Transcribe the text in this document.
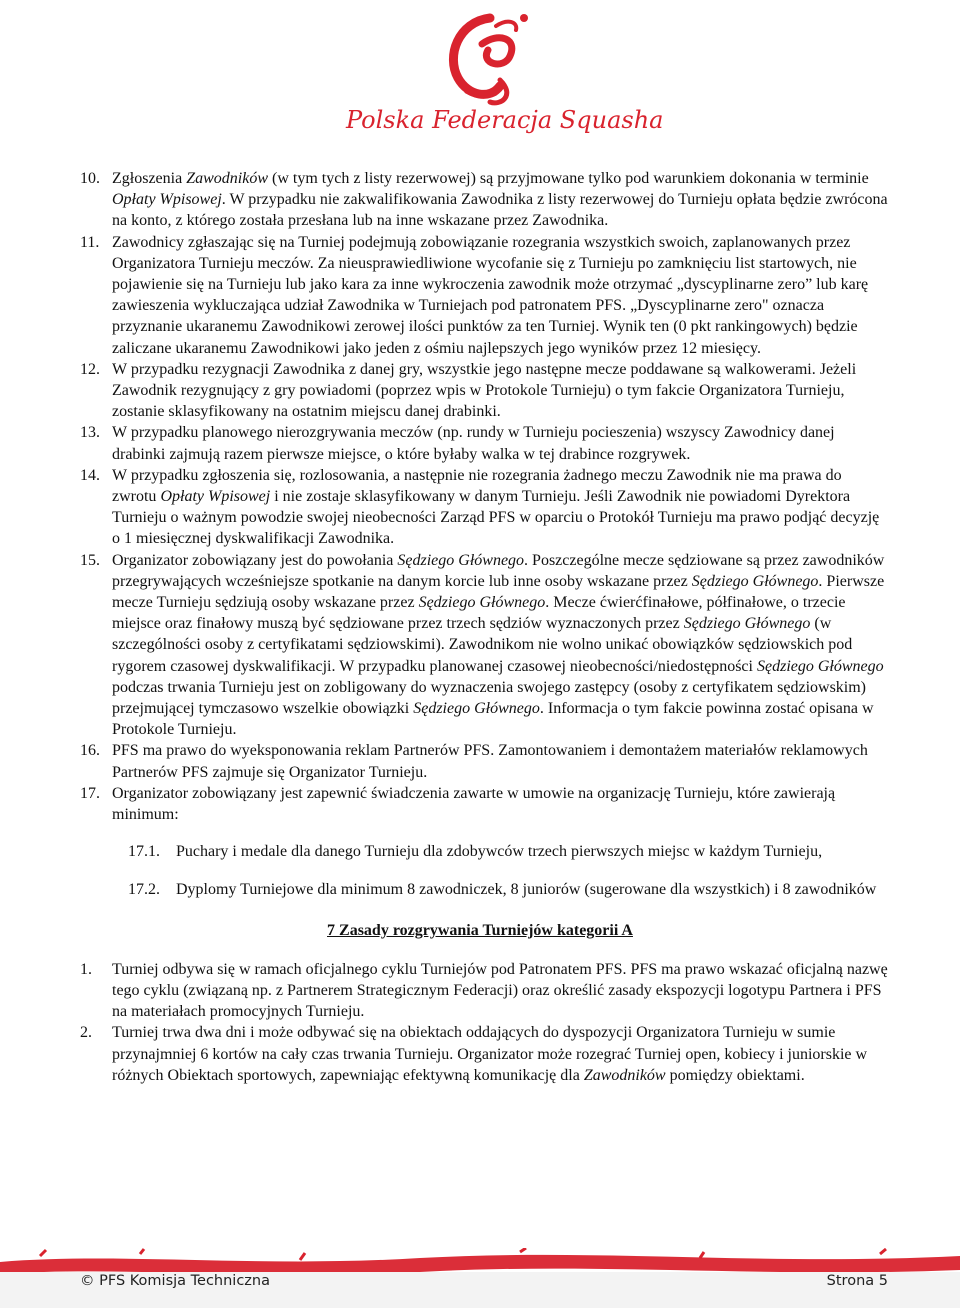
Polska Federacja Squasha
10. Zgłoszenia Zawodników (w tym tych z listy rezerwowej) są przyjmowane tylko pod warunkiem dokonania w terminie Opłaty Wpisowej. W przypadku nie zakwalifikowania Zawodnika z listy rezerwowej do Turnieju opłata będzie zwrócona na konto, z którego została przesłana lub na inne wskazane przez Zawodnika.

11. Zawodnicy zgłaszając się na Turniej podejmują zobowiązanie rozegrania wszystkich swoich, zaplanowanych przez Organizatora Turnieju meczów. Za nieusprawiedliwione wycofanie się z Turnieju po zamknięciu list startowych, nie pojawienie się na Turnieju lub jako kara za inne wykroczenia zawodnik może otrzymać „dyscyplinarne zero” lub karę zawieszenia wykluczająca udział Zawodnika w Turniejach pod patronatem PFS. „Dyscyplinarne zero" oznacza przyznanie ukaranemu Zawodnikowi zerowej ilości punktów za ten Turniej. Wynik ten (0 pkt rankingowych) będzie zaliczane ukaranemu Zawodnikowi jako jeden z ośmiu najlepszych jego wyników przez 12 miesięcy.

12. W przypadku rezygnacji Zawodnika z danej gry, wszystkie jego następne mecze poddawane są walkowerami. Jeżeli Zawodnik rezygnujący z gry powiadomi (poprzez wpis w Protokole Turnieju) o tym fakcie Organizatora Turnieju, zostanie sklasyfikowany na ostatnim miejscu danej drabinki.

13. W przypadku planowego nierozgrywania meczów (np. rundy w Turnieju pocieszenia) wszyscy Zawodnicy danej drabinki zajmują razem pierwsze miejsce, o które byłaby walka w tej drabince rozgrywek.

14. W przypadku zgłoszenia się, rozlosowania, a następnie nie rozegrania żadnego meczu Zawodnik nie ma prawa do zwrotu Opłaty Wpisowej i nie zostaje sklasyfikowany w danym Turnieju. Jeśli Zawodnik nie powiadomi Dyrektora Turnieju o ważnym powodzie swojej nieobecności Zarząd PFS w oparciu o Protokół Turnieju ma prawo podjąć decyzję o 1 miesięcznej dyskwalifikacji Zawodnika.

15. Organizator zobowiązany jest do powołania Sędziego Głównego. Poszczególne mecze sędziowane są przez zawodników przegrywających wcześniejsze spotkanie na danym korcie lub inne osoby wskazane przez Sędziego Głównego. Pierwsze mecze Turnieju sędziują osoby wskazane przez Sędziego Głównego. Mecze ćwierćfinałowe, półfinałowe, o trzecie miejsce oraz finałowy muszą być sędziowane przez trzech sędziów wyznaczonych przez Sędziego Głównego (w szczególności osoby z certyfikatami sędziowskimi). Zawodnikom nie wolno unikać obowiązków sędziowskich pod rygorem czasowej dyskwalifikacji. W przypadku planowanej czasowej nieobecności/niedostępności Sędziego Głównego podczas trwania Turnieju jest on zobligowany do wyznaczenia swojego zastępcy (osoby z certyfikatem sędziowskim) przejmującej tymczasowo wszelkie obowiązki Sędziego Głównego. Informacja o tym fakcie powinna zostać opisana w Protokole Turnieju.

16. PFS ma prawo do wyeksponowania reklam Partnerów PFS. Zamontowaniem i demontażem materiałów reklamowych Partnerów PFS zajmuje się Organizator Turnieju.

17. Organizator zobowiązany jest zapewnić świadczenia zawarte w umowie na organizację Turnieju, które zawierają minimum:

17.1. Puchary i medale dla danego Turnieju dla zdobywców trzech pierwszych miejsc w każdym Turnieju,

17.2. Dyplomy Turniejowe dla minimum 8 zawodniczek, 8 juniorów (sugerowane dla wszystkich) i 8 zawodników

7 Zasady rozgrywania Turniejów kategorii A
1. Turniej odbywa się w ramach oficjalnego cyklu Turniejów pod Patronatem PFS. PFS ma prawo wskazać oficjalną nazwę tego cyklu (związaną np. z Partnerem Strategicznym Federacji) oraz określić zasady ekspozycji logotypu Partnera i PFS na materiałach promocyjnych Turnieju.

2. Turniej trwa dwa dni i może odbywać się na obiektach oddających do dyspozycji Organizatora Turnieju w sumie przynajmniej 6 kortów na cały czas trwania Turnieju. Organizator może rozegrać Turniej open, kobiecy i juniorskie w różnych Obiektach sportowych, zapewniając efektywną komunikację dla Zawodników pomiędzy obiektami.

© PFS Komisja Techniczna	Strona 5
